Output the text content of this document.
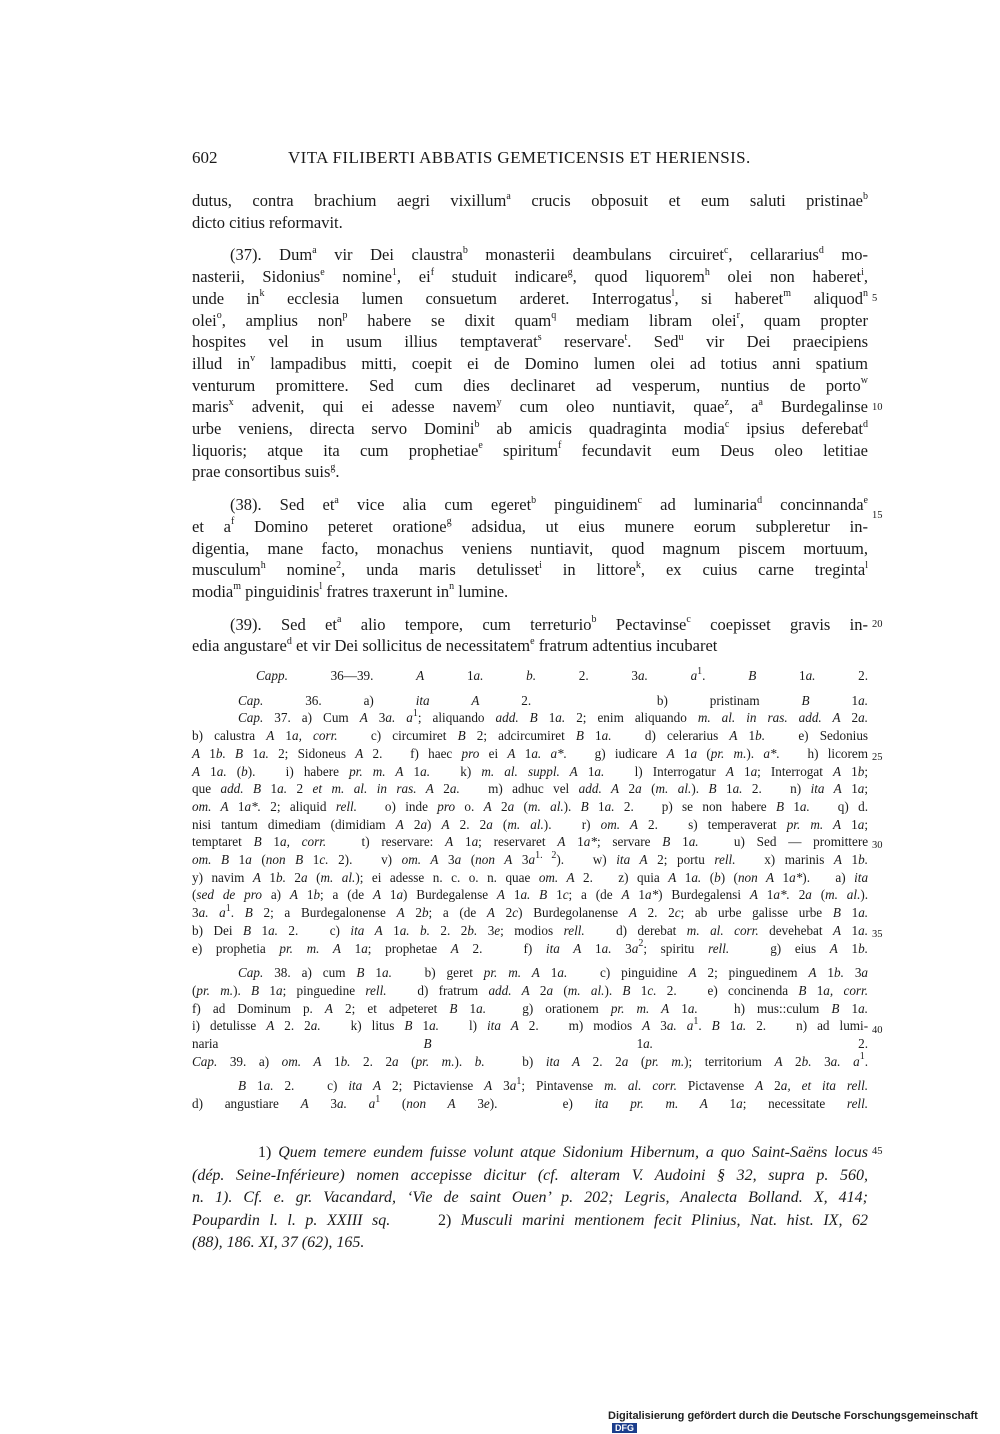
602	VITA FILIBERTI ABBATIS GEMETICENSIS ET HERIENSIS.
dutus, contra brachium aegri vixillum$^a$ crucis obposuit et eum saluti pristinae$^b$
dicto citius reformavit.
(37). Dum$^a$ vir Dei claustra$^b$ monasterii deambulans circuiret$^c$, cellararius$^d$ mo-
nasterii, Sidonius$^e$ nomine$^1$, $ei^f$ studuit indicare$^g$, quod liquorem$^h$ olei non haberet$^i$,
unde $in^k$ ecclesia lumen consuetum arderet. Interrogatus$^l$, si haberet$^m$ aliquod$^n$
olei$^o$, amplius non$^p$ habere se dixit quam$^q$ mediam libram olei$^r$, quam propter
hospites vel in usum illius temptaverat$^s$ reservare$^t$. Sed$^u$ vir Dei praecipiens
illud $in^v$ lampadibus mitti, coepit ei de Domino lumen olei ad totius anni spatium
venturum promittere. Sed cum dies declinaret ad vesperum, nuntius de porto$^w$
maris$^x$ advenit, qui ei adesse navem$^y$ cum oleo nuntiavit, quae$^z$, $a^a$ Burdegalinse
urbe veniens, directa servo Domini$^b$ ab amicis quadraginta modia$^c$ ipsius deferebat$^d$
liquoris; atque ita cum prophetiae$^e$ spiritum$^f$ fecundavit eum Deus oleo letitiae
prae consortibus suis$^g$.
(38). Sed $et^a$ vice alia cum egeret$^b$ pinguidinem$^c$ ad luminaria$^d$ concinnanda$^e$
et $a^f$ Domino peteret oratione$^g$ adsidua, ut eius munere eorum subpleretur in-
digentia, mane facto, monachus veniens nuntiavit, quod magnum piscem mortuum,
musculum$^h$ nomine$^2$, unda maris detulisset$^i$ in littore$^k$, ex cuius carne treginta$^l$
modia$^m$ pinguidinis$^l$ fratres traxerunt $in^n$ lumine.
(39). Sed $et^a$ alio tempore, cum terreturio$^b$ Pectavinse$^c$ coepisset gravis in-
edia angustare$^d$ et vir Dei sollicitus de necessitatem$^e$ fratrum adtentius incubaret
Capp. 36—39. A 1a. b. 2. 3a. $a^1$. B 1a. 2.
Cap. 36. a) ita A 2.   b) pristinam B 1a.
Cap. 37. a) Cum A 3a. $a^1$; aliquando add. B 1a. 2; enim aliquando m. al. in ras. add. A 2a.
b) calustra A 1a, corr.   c) circumiret B 2; adcircumiret B 1a.   d) celerarius A 1b.   e) Sedonius
A 1b. B 1a. 2; Sidoneus A 2.   f) haec pro ei A 1a. a*.   g) iudicare A 1a (pr. m.). a*.   h) licorem
A 1a. (b).   i) habere pr. m. A 1a.   k) m. al. suppl. A 1a.   l) Interrogatur A 1a; Interrogat A 1b;
que add. B 1a. 2 et m. al. in ras. A 2a.   m) adhuc vel add. A 2a (m. al.). B 1a. 2.   n) ita A 1a;
om. A 1a*. 2; aliquid rell.   o) inde pro o. A 2a (m. al.). B 1a. 2.   p) se non habere B 1a.   q) d.
nisi tantum dimediam (dimidiam A 2a) A 2. 2a (m. al.).   r) om. A 2.   s) temperaverat pr. m. A 1a;
temptaret B 1a, corr.   t) reservare: A 1a; reservaret A 1a*; servare B 1a.   u) Sed — promittere
om. B 1a (non B 1c. 2).   v) om. A 3a (non A $3a^{1. 2}$).   w) ita A 2; portu rell.   x) marinis A 1b.
y) navim A 1b. 2a (m. al.); ei adesse n. c. o. n. quae om. A 2.   z) quia A 1a. (b) (non A 1a*).   a) ita
(sed de pro a) A 1b; a (de A 1a) Burdegalense A 1a. B 1c; a (de A 1a*) Burdegalensi A 1a*. 2a (m. al.).
3a. $a^1$. B 2; a Burdegalonense A 2b; a (de A 2c) Burdegolanense A 2. 2c; ab urbe galisse urbe B 1a.
b) Dei B 1a. 2.   c) ita A 1a. b. 2. 2b. 3e; modios rell.   d) derebat m. al. corr. devehebat A 1a.
e) prophetia pr. m. A 1a; prophetae A 2.   f) ita A 1a. $3a^2$; spiritu rell.   g) eius A 1b.
Cap. 38. a) cum B 1a.   b) geret pr. m. A 1a.   c) pinguidine A 2; pinguedinem A 1b. 3a
(pr. m.). B 1a; pinguedine rell.   d) fratrum add. A 2a (m. al.). B 1c. 2.   e) concinenda B 1a, corr.
f) ad Dominum p. A 2; et adpeteret B 1a.   g) orationem pr. m. A 1a.   h) mus::culum B 1a.
i) detulisse A 2. 2a.   k) litus B 1a.   l) ita A 2.   m) modios A 3a. $a^1$. B 1a. 2.   n) ad lumi-
naria B 1a. 2.
Cap. 39. a) om. A 1b. 2. 2a (pr. m.). b.   b) ita A 2. 2a (pr. m.); territorium A 2b. 3a. $a^1$.
B 1a. 2.   c) ita A 2; Pictaviense A $3a^1$; Pintavense m. al. corr. Pictavense A 2a, et ita rell.
d) angustiare A 3a. $a^1$ (non A 3e).   e) ita pr. m. A 1a; necessitate rell.
1) Quem temere eundem fuisse volunt atque Sidonium Hibernum, a quo Saint-Saëns locus
(dép. Seine-Inférieure) nomen accepisse dicitur (cf. alteram V. Audoini § 32, supra p. 560,
n. 1). Cf. e. gr. Vacandard, ‘Vie de saint Ouen’ p. 202; Legris, Analecta Bolland. X, 414;
Poupardin l. l. p. XXIII sq.     2) Musculi marini mentionem fecit Plinius, Nat. hist. IX, 62
(88), 186. XI, 37 (62), 165.
5
10
15
20
25
30
35
40
45
Digitalisierung gefördert durch die Deutsche Forschungsgemeinschaft DFG
